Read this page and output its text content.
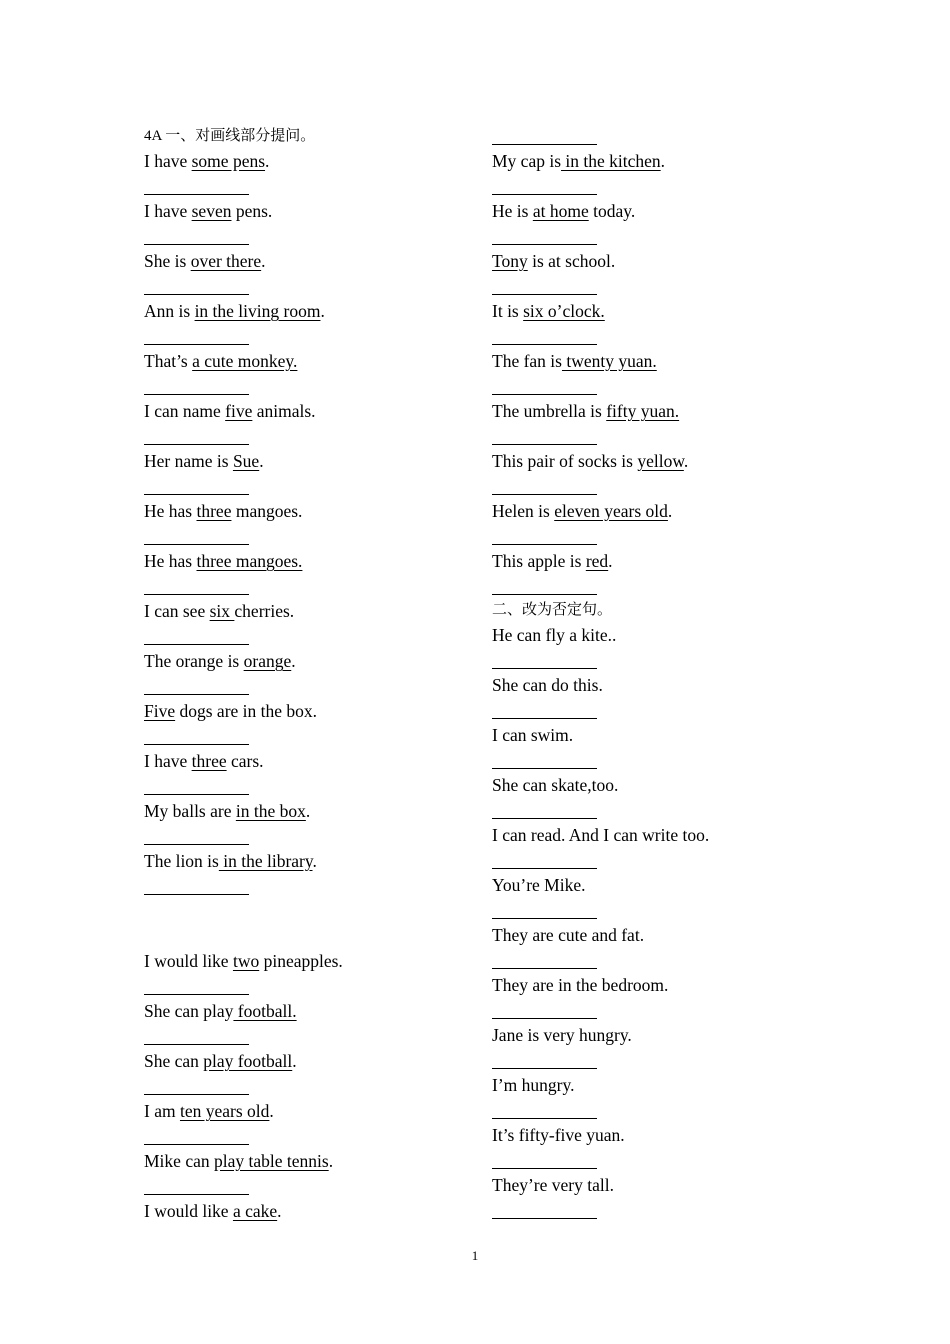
4A 一、对画线部分提问。
I have some pens.
I have seven pens.
She is over there.
Ann is in the living room.
That’s a cute monkey.
I can name five animals.
Her name is Sue.
He has three mangoes.
He has three mangoes.
I can see six cherries.
The orange is orange.
Five dogs are in the box.
I have three cars.
My balls are in the box.
The lion is in the library.
I would like two pineapples.
She can play football.
She can play football.
I am ten years old.
Mike can play table tennis.
I would like a cake.
My cap is in the kitchen.
He is at home today.
Tony is at school.
It is six o’clock.
The fan is twenty yuan.
The umbrella is fifty yuan.
This pair of socks is yellow.
Helen is eleven years old.
This apple is red.
二、改为否定句。
He can fly a kite..
She can do this.
I can swim.
She can skate,too.
I can read. And I can write too.
You’re Mike.
They are cute and fat.
They are in the bedroom.
Jane is very hungry.
I’m hungry.
It’s fifty-five yuan.
They’re very tall.
1
